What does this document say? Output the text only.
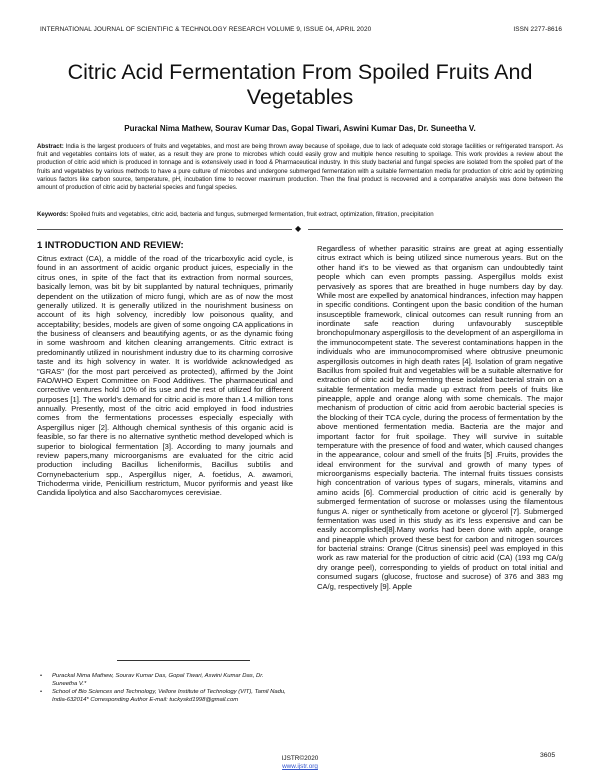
INTERNATIONAL JOURNAL OF SCIENTIFIC & TECHNOLOGY RESEARCH VOLUME 9, ISSUE 04, APRIL 2020	ISSN 2277-8616
Citric Acid Fermentation From Spoiled Fruits And Vegetables
Purackal Nima Mathew, Sourav Kumar Das, Gopal Tiwari, Aswini Kumar Das, Dr. Suneetha V.

Abstract: India is the largest producers of fruits and vegetables, and most are being thrown away because of spoilage, due to lack of adequate cold storage facilities or refrigerated transport. As fruit and vegetables contains lots of water, as a result they are prone to microbes which could easily grow and multiple hence resulting to spoilage. This work provides a review about the production of citric acid which is produced in tonnage and is extensively used in food & Pharmaceutical industry. In this study bacterial and fungal species are isolated from the spoiled part of the fruits and vegetables by various methods to have a pure culture of microbes and undergone submerged fermentation with a suitable fermentation media for production of citric acid by optimizing various factors like carbon source, temperature, pH, incubation time to recover maximum production. Then the final product is recovered and a comparative analysis was done between the amount of production of citric acid by bacterial species and fungal species.

Keywords: Spoiled fruits and vegetables, citric acid, bacteria and fungus, submerged fermentation, fruit extract, optimization, filtration, precipitation

◆
1 INTRODUCTION AND REVIEW:

Citrus extract (CA), a middle of the road of the tricarboxylic acid cycle, is found in an assortment of acidic organic product juices, especially in the citrus ones, in spite of the fact that its extraction from normal sources, basically lemon, was bit by bit supplanted by natural techniques, primarily dependent on the utilization of micro fungi, which are as of now the most generally utilized. It is generally utilized in the nourishment business on account of its high solvency, incredibly low poisonous quality, and acceptability; besides, models are given of some ongoing CA applications in the business of cleansers and beautifying agents, or as the dynamic fixing in some washroom and kitchen cleaning arrangements. Citric extract is predominantly utilized in nourishment industry due to its charming corrosive taste and its high solvency in water. It is worldwide acknowledged as "GRAS" (for the most part perceived as protected), affirmed by the Joint FAO/WHO Expert Committee on Food Additives. The pharmaceutical and corrective ventures hold 10% of its use and the rest of utilized for different purposes [1]. The world’s demand for citric acid is more than 1.4 million tons annually. Presently, most of the citric acid employed in food industries comes from the fermentations processes especially especially with Aspergillus niger [2]. Although chemical synthesis of this organic acid is feasible, so far there is no alternative synthetic method developed which is superior to biological fermentation [3]. According to many journals and review papers,many microorganisms are evaluated for the citric acid production including Bacillus licheniformis, Bacillus subtilis and Cornynebacterium spp., Aspergillus niger, A. foetidus, A. awamori, Trichoderma viride, Penicillium restrictum, Mucor pyriformis and yeast like Candida lipolytica and also Saccharomyces cerevisiae.

Regardless of whether parasitic strains are great at aging essentially citrus extract which is being utilized since numerous years. But on the other hand it’s to be viewed as that organism can undoubtedly taint people which can even prompts passing. Aspergillus molds exist pervasively as spores that are breathed in huge numbers day by day. While most are expelled by anatomical hindrances, infection may happen in specific conditions. Contingent upon the basic condition of the human insusceptible framework, clinical outcomes can result running from an inordinate safe reaction during unfavourably susceptible bronchopulmonary aspergillosis to the development of an aspergilloma in the immunocompetent state. The severest contaminations happen in the individuals who are immunocompromised where obtrusive pneumonic aspergillosis outcomes in high death rates [4]. Isolation of gram negative Bacillus from spoiled fruit and vegetables will be a suitable alternative for extraction of citric acid by fermenting these isolated bacterial strain on a suitable fermentation media made up extract from peels of fruits like pineapple, apple and orange along with some chemicals. The major mechanism of production of citric acid from aerobic bacterial species is the blocking of their TCA cycle, during the process of fermentation by the above mentioned fermentation media. Bacteria are the major and important factor for fruit spoilage. They will survive in suitable temperature with the presence of food and water, which caused changes in the appearance, colour and smell of the fruits [5] .Fruits, provides the ideal environment for the survival and growth of many types of microorganisms especially bacteria. The internal fruits tissues consists high concentration of various types of sugars, minerals, vitamins and amino acids [6]. Commercial production of citric acid is generally by submerged fermentation of sucrose or molasses using the filamentous fungus A. niger or synthetically from acetone or glycerol [7]. Submerged fermentation was used in this study as it's less expensive and can be easily accomplished[8].Many works had been done with apple, orange and pineapple which proved these best for carbon and nitrogen sources for bacterial strains: Orange (Citrus sinensis) peel was employed in this work as raw material for the production of citric acid (CA) (193 mg CA/g dry orange peel), corresponding to yields of product on total initial and consumed sugars (glucose, fructose and sucrose) of 376 and 383 mg CA/g, respectively [9]. Apple

• Purackal Nima Mathew, Sourav Kumar Das, Gopal Tiwari, Aswini Kumar Das, Dr. Suneetha V.*
• School of Bio Sciences and Technology, Vellore Institute of Technology (VIT), Tamil Nadu, India-632014* Corresponding Author E-mail: tuckyskd1998@gmail.com
3605
IJSTR©2020
www.ijstr.org
